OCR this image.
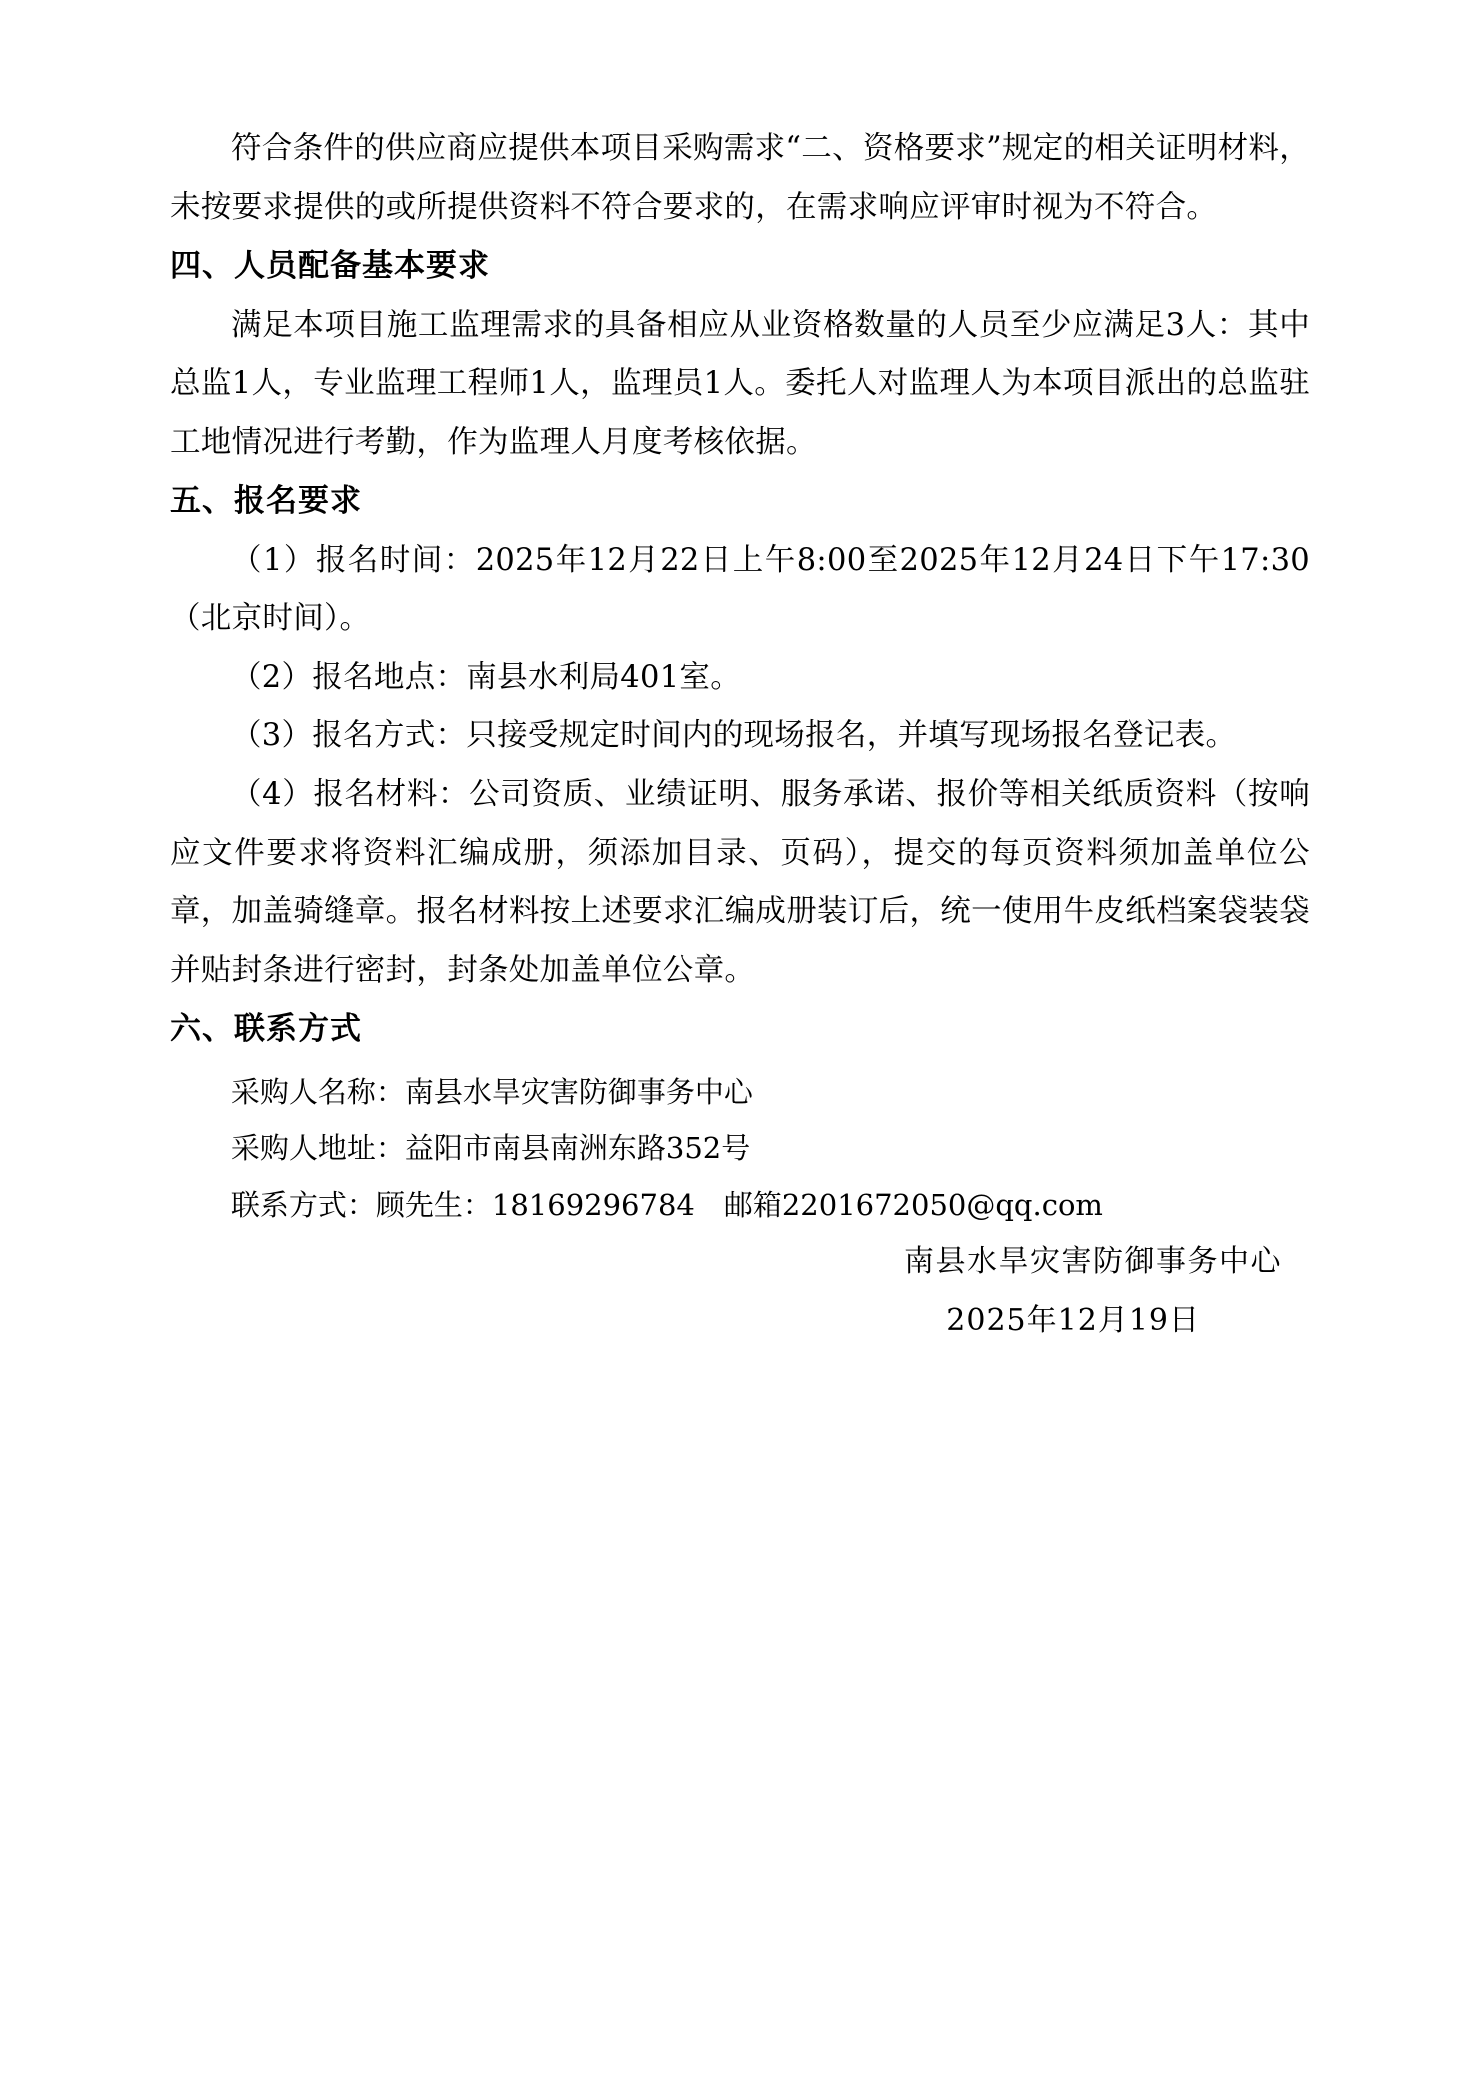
符合条件的供应商应提供本项目采购需求“二、资格要求”规定的相关证明材料，未按要求提供的或所提供资料不符合要求的，在需求响应评审时视为不符合。

四、人员配备基本要求

满足本项目施工监理需求的具备相应从业资格数量的人员至少应满足3人：其中总监1人，专业监理工程师1人，监理员1人。委托人对监理人为本项目派出的总监驻工地情况进行考勤，作为监理人月度考核依据。

五、报名要求

（1）报名时间：2025年12月22日上午8:00至2025年12月24日下午17:30（北京时间）。

（2）报名地点：南县水利局401室。

（3）报名方式：只接受规定时间内的现场报名，并填写现场报名登记表。

（4）报名材料：公司资质、业绩证明、服务承诺、报价等相关纸质资料（按响应文件要求将资料汇编成册，须添加目录、页码），提交的每页资料须加盖单位公章，加盖骑缝章。报名材料按上述要求汇编成册装订后，统一使用牛皮纸档案袋装袋并贴封条进行密封，封条处加盖单位公章。

六、联系方式

采购人名称：南县水旱灾害防御事务中心
采购人地址：益阳市南县南洲东路352号
联系方式：顾先生：18169296784　邮箱2201672050@qq.com
南县水旱灾害防御事务中心
2025年12月19日
